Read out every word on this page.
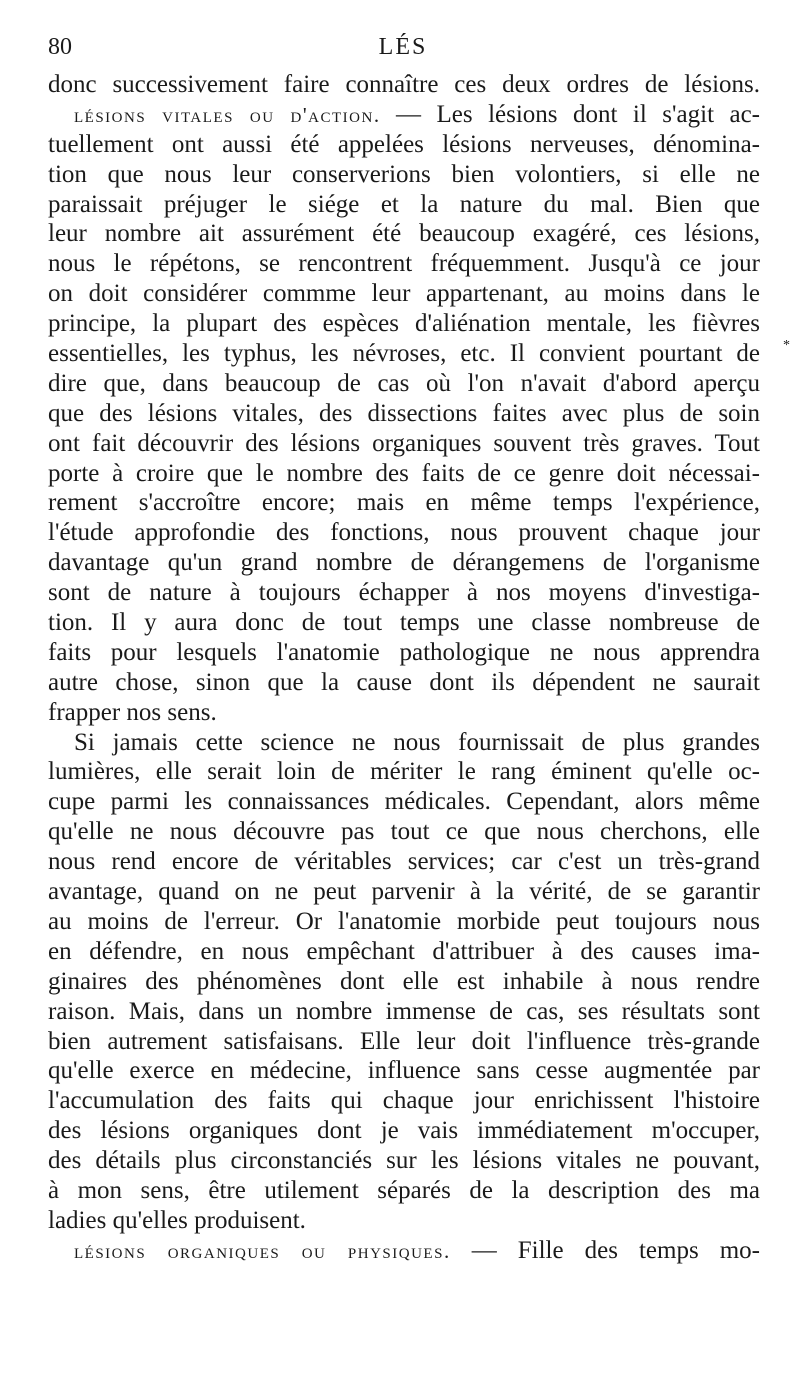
80	LÉS
*
donc successivement faire connaître ces deux ordres de lésions.
lésions vitales ou d'action. — Les lésions dont il s'agit ac-
tuellement ont aussi été appelées lésions nerveuses, dénomina-
tion que nous leur conserverions bien volontiers, si elle ne
paraissait préjuger le siége et la nature du mal. Bien que
leur nombre ait assurément été beaucoup exagéré, ces lésions,
nous le répétons, se rencontrent fréquemment. Jusqu'à ce jour
on doit considérer commme leur appartenant, au moins dans le
principe, la plupart des espèces d'aliénation mentale, les fièvres
essentielles, les typhus, les névroses, etc. Il convient pourtant de
dire que, dans beaucoup de cas où l'on n'avait d'abord aperçu
que des lésions vitales, des dissections faites avec plus de soin
ont fait découvrir des lésions organiques souvent très graves. Tout
porte à croire que le nombre des faits de ce genre doit nécessai-
rement s'accroître encore; mais en même temps l'expérience,
l'étude approfondie des fonctions, nous prouvent chaque jour
davantage qu'un grand nombre de dérangemens de l'organisme
sont de nature à toujours échapper à nos moyens d'investiga-
tion. Il y aura donc de tout temps une classe nombreuse de
faits pour lesquels l'anatomie pathologique ne nous apprendra
autre chose, sinon que la cause dont ils dépendent ne saurait
frapper nos sens.
Si jamais cette science ne nous fournissait de plus grandes
lumières, elle serait loin de mériter le rang éminent qu'elle oc-
cupe parmi les connaissances médicales. Cependant, alors même
qu'elle ne nous découvre pas tout ce que nous cherchons, elle
nous rend encore de véritables services; car c'est un très-grand
avantage, quand on ne peut parvenir à la vérité, de se garantir
au moins de l'erreur. Or l'anatomie morbide peut toujours nous
en défendre, en nous empêchant d'attribuer à des causes ima-
ginaires des phénomènes dont elle est inhabile à nous rendre
raison. Mais, dans un nombre immense de cas, ses résultats sont
bien autrement satisfaisans. Elle leur doit l'influence très-grande
qu'elle exerce en médecine, influence sans cesse augmentée par
l'accumulation des faits qui chaque jour enrichissent l'histoire
des lésions organiques dont je vais immédiatement m'occuper,
des détails plus circonstanciés sur les lésions vitales ne pouvant,
à mon sens, être utilement séparés de la description des ma
ladies qu'elles produisent.
lésions organiques ou physiques. — Fille des temps mo-
